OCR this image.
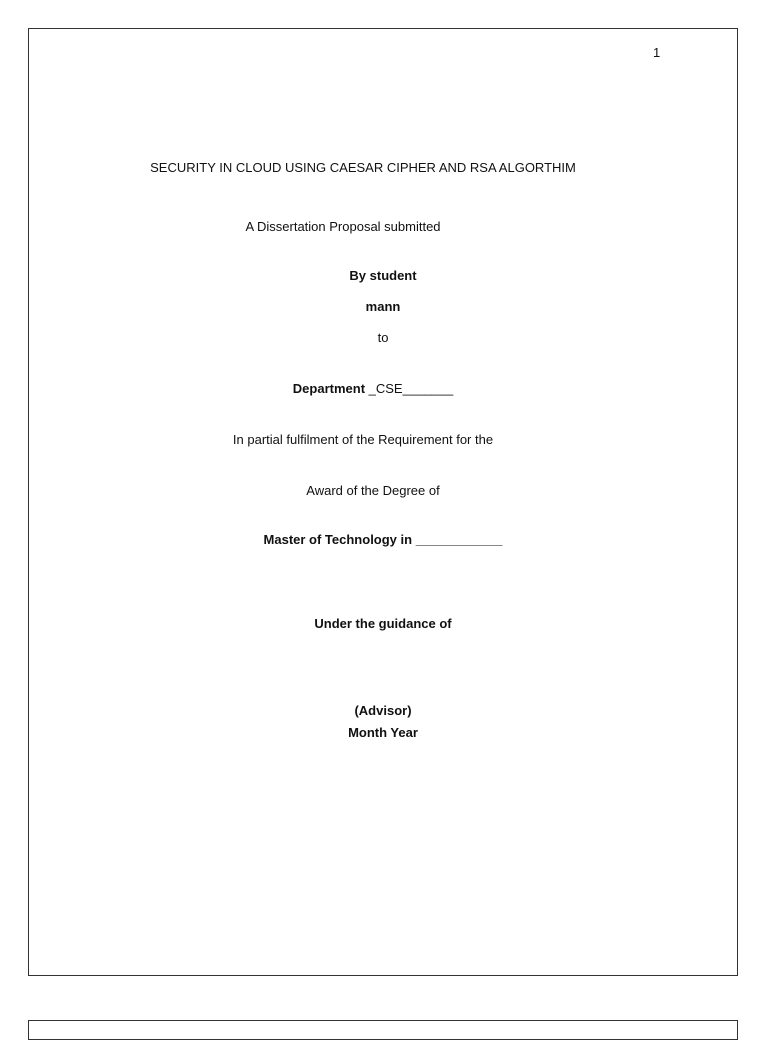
1
SECURITY IN CLOUD USING CAESAR CIPHER AND RSA ALGORTHIM
A Dissertation Proposal submitted
By student
mann
to
Department _CSE_______
In partial fulfilment of the Requirement for the
Award of the Degree of
Master of Technology in ____________
Under the guidance of
(Advisor)
Month Year
